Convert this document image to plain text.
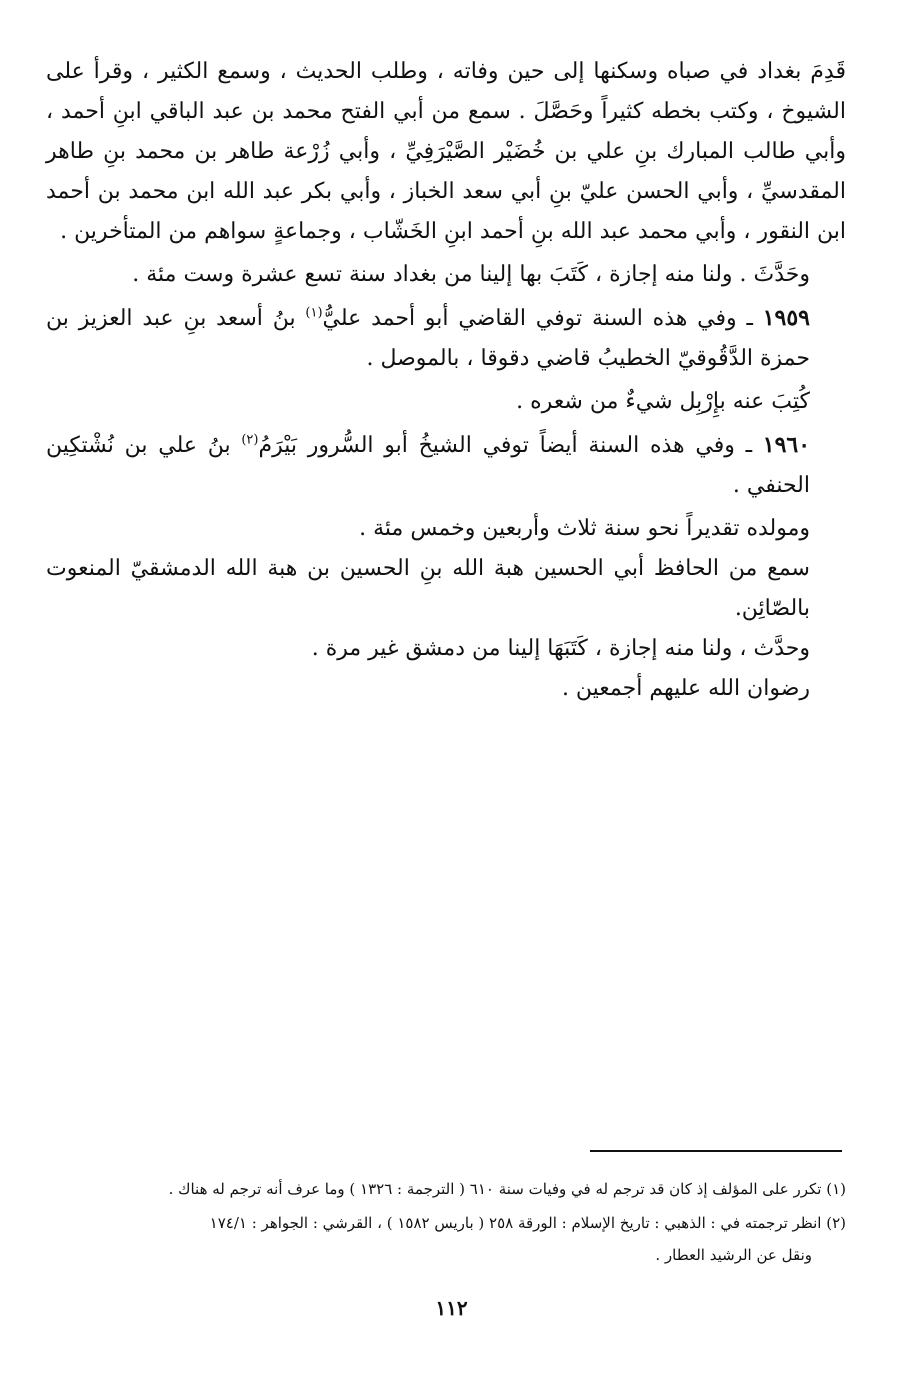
قَدِمَ بغداد في صباه وسكنها إلى حين وفاته ، وطلب الحديث ، وسمع الكثير ، وقرأ على الشيوخ ، وكتب بخطه كثيراً وحَصَّلَ . سمع من أبي الفتح محمد بن عبد الباقي ابنِ أحمد ، وأبي طالب المبارك بنِ علي بن خُضَيْر الصَّيْرَفِيِّ ، وأبي زُرْعة طاهر بن محمد بنِ طاهر المقدسيِّ ، وأبي الحسن عليّ بنِ أبي سعد الخباز ، وأبي بكر عبد الله ابن محمد بن أحمد ابن النقور ، وأبي محمد عبد الله بنِ أحمد ابنِ الخَشّاب ، وجماعةٍ سواهم من المتأخرين .

وحَدَّثَ . ولنا منه إجازة ، كَتَبَ بها إلينا من بغداد سنة تسع عشرة وست مئة .

١٩٥٩ ـ وفي هذه السنة توفي القاضي أبو أحمد عليُّ$^{(١)}$ بنُ أسعد بنِ عبد العزيز بن حمزة الدَّقُوقيّ الخطيبُ قاضي دقوقا ، بالموصل .

كُتِبَ عنه بإِرْبِل شيءٌ من شعره .

١٩٦٠ ـ وفي هذه السنة أيضاً توفي الشيخُ أبو السُّرور بَيْرَمُ$^{(٢)}$ بنُ علي بن نُشْتكِين الحنفي .

ومولده تقديراً نحو سنة ثلاث وأربعين وخمس مئة .

سمع من الحافظ أبي الحسين هبة الله بنِ الحسين بن هبة الله الدمشقيّ المنعوت بالصّائِن.

وحدَّث ، ولنا منه إجازة ، كَتَبَهَا إلينا من دمشق غير مرة .

رضوان الله عليهم أجمعين .

(١) تكرر على المؤلف إذ كان قد ترجم له في وفيات سنة ٦١٠ ( الترجمة : ١٣٢٦ ) وما عرف أنه ترجم له هناك .

(٢) انظر ترجمته في : الذهبي : تاريخ الإسلام : الورقة ٢٥٨ ( باريس ١٥٨٢ ) ، القرشي : الجواهر : ١٧٤/١

ونقل عن الرشيد العطار .

١١٢
